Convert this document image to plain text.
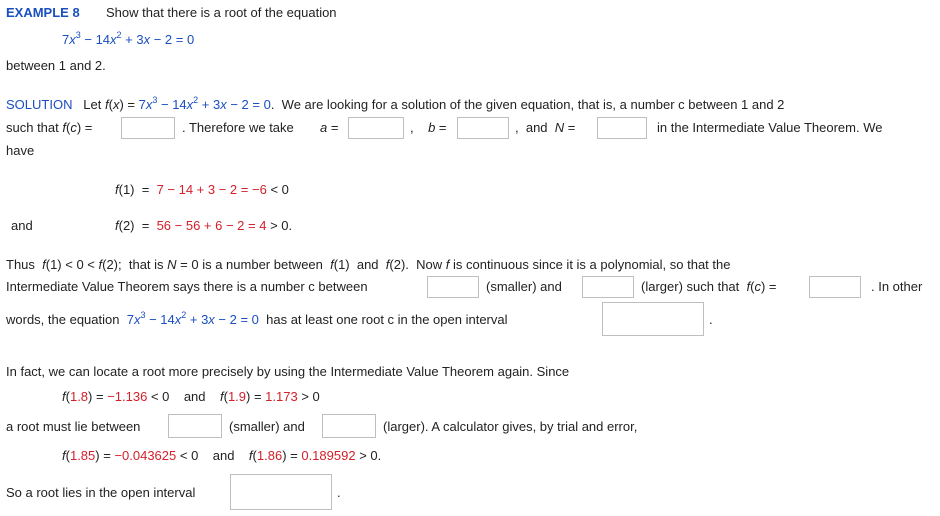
EXAMPLE 8 Show that there is a root of the equation
$7x^3 - 14x^2 + 3x - 2 = 0$
between 1 and 2.
SOLUTION   Let $f(x) = 7x^3 - 14x^2 + 3x - 2 = 0$.  We are looking for a solution of the given equation, that is, a number c between 1 and 2
such that f(c) =	. Therefore we take a =	,    b =	,  and  N =	in the Intermediate Value Theorem. We
have
f(1)  =  7 − 14 + 3 − 2 = −6 < 0
and	f(2)  =  56 − 56 + 6 − 2 = 4 > 0.
Thus  f(1) < 0 < f(2);  that is N = 0 is a number between  f(1)  and  f(2).  Now f is continuous since it is a polynomial, so that the
Intermediate Value Theorem says there is a number c between	(smaller) and	(larger) such that f(c) =	. In other
words, the equation $7x^3 - 14x^2 + 3x - 2 = 0$ has at least one root c in the open interval	.
In fact, we can locate a root more precisely by using the Intermediate Value Theorem again. Since
f(1.8) = −1.136 < 0    and    f(1.9) = 1.173 > 0
a root must lie between	(smaller) and	(larger). A calculator gives, by trial and error,
f(1.85) = −0.043625 < 0    and    f(1.86) = 0.189592 > 0.
So a root lies in the open interval	.
